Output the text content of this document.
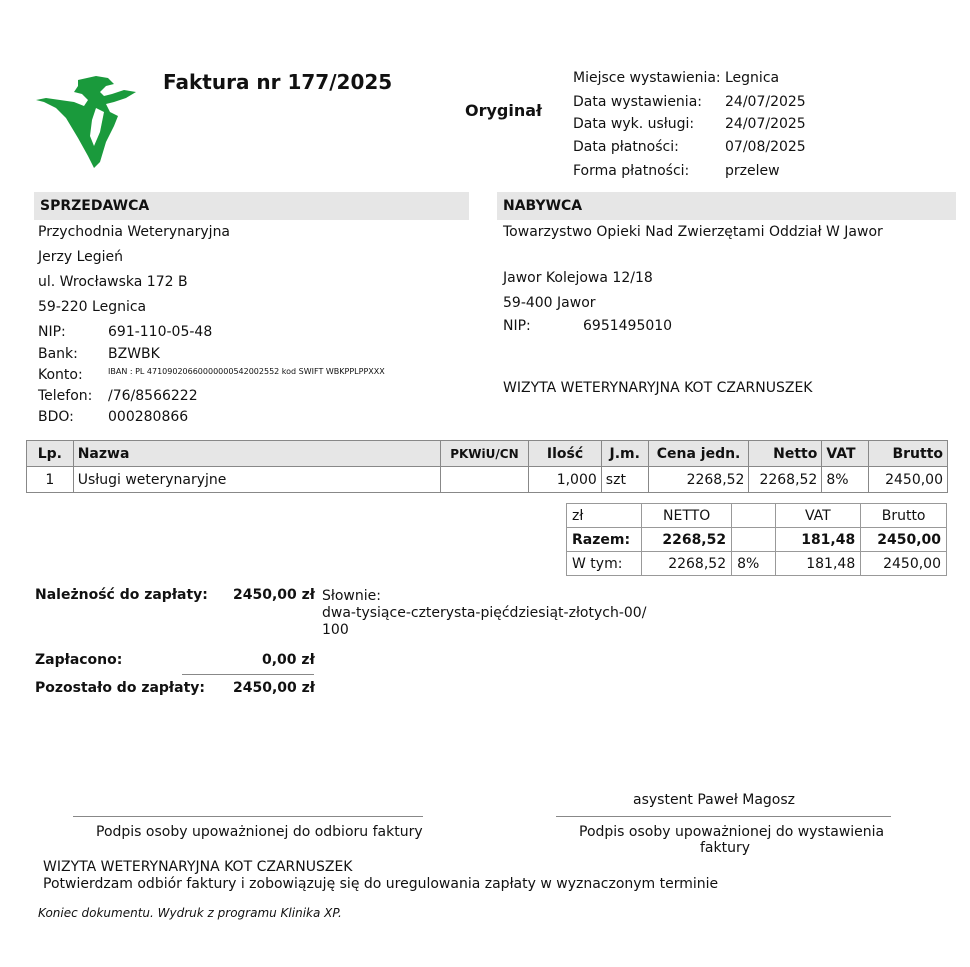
Faktura nr 177/2025
Oryginał
Miejsce wystawienia: Legnica
Data wystawienia: 24/07/2025
Data wyk. usługi: 24/07/2025
Data płatności:	07/08/2025
Forma płatności:	przelew
SPRZEDAWCA
Przychodnia Weterynaryjna
Jerzy Legień
ul. Wrocławska 172 B
59-220 Legnica
NIP:	691-110-05-48
Bank: BZWBK
Konto:	IBAN : PL 47109020660000000542002552 kod SWIFT WBKPPLPPXXX
Telefon: /76/8566222
BDO: 000280866
NABYWCA
Towarzystwo Opieki Nad Zwierzętami Oddział W Jawor
Jawor Kolejowa 12/18
59-400 Jawor
NIP:	6951495010
WIZYTA WETERYNARYJNA KOT CZARNUSZEK
Lp.	Nazwa	PKWiU/CN	Ilość	J.m.	Cena jedn.	Netto	VAT	Brutto
1	Usługi weterynaryjne		1,000	szt	2268,52	2268,52	8%	2450,00
zł	NETTO		VAT	Brutto
Razem:	2268,52		181,48	2450,00
W tym:	2268,52	8%	181,48	2450,00
Należność do zapłaty: 2450,00 zł Słownie:
dwa-tysiące-czterysta-pięćdziesiąt-złotych-00/
100
Zapłacono:	0,00 zł
Pozostało do zapłaty: 2450,00 zł
asystent Paweł Magosz
Podpis osoby upoważnionej do odbioru faktury	Podpis osoby upoważnionej do wystawienia
faktury
WIZYTA WETERYNARYJNA KOT CZARNUSZEK
Potwierdzam odbiór faktury i zobowiązuję się do uregulowania zapłaty w wyznaczonym terminie
Koniec dokumentu. Wydruk z programu Klinika XP.
